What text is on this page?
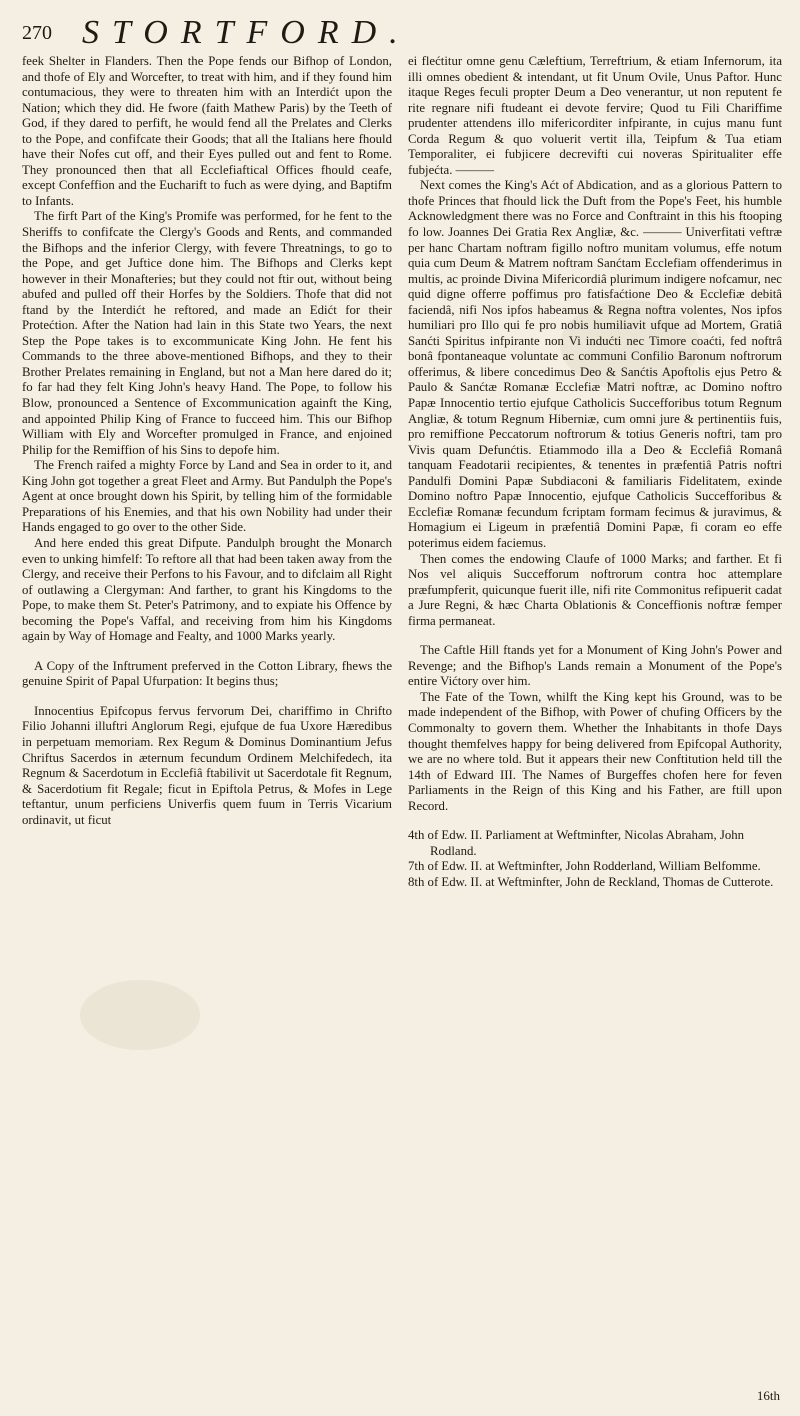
270 STORTFORD.

feek Shelter in Flanders. Then the Pope fends our Bifhop of London, and thofe of Ely and Worcefter, to treat with him, and if they found him contumacious, they were to threaten him with an Interdićt upon the Nation; which they did. He fwore (faith Mathew Paris) by the Teeth of God, if they dared to perfift, he would fend all the Prelates and Clerks to the Pope, and confifcate their Goods; that all the Italians here fhould have their Nofes cut off, and their Eyes pulled out and fent to Rome. They pronounced then that all Ecclefiaftical Offices fhould ceafe, except Confeffion and the Eucharift to fuch as were dying, and Baptifm to Infants.

The firft Part of the King's Promife was performed, for he fent to the Sheriffs to confifcate the Clergy's Goods and Rents, and commanded the Bifhops and the inferior Clergy, with fevere Threatnings, to go to the Pope, and get Juftice done him. The Bifhops and Clerks kept however in their Monafteries; but they could not ftir out, without being abufed and pulled off their Horfes by the Soldiers. Thofe that did not ftand by the Interdićt he reftored, and made an Edićt for their Protećtion. After the Nation had lain in this State two Years, the next Step the Pope takes is to excommunicate King John. He fent his Commands to the three above-mentioned Bifhops, and they to their Brother Prelates remaining in England, but not a Man here dared do it; fo far had they felt King John's heavy Hand. The Pope, to follow his Blow, pronounced a Sentence of Excommunication againft the King, and appointed Philip King of France to fucceed him. This our Bifhop William with Ely and Worcefter promulged in France, and enjoined Philip for the Remiffion of his Sins to depofe him.

The French raifed a mighty Force by Land and Sea in order to it, and King John got together a great Fleet and Army. But Pandulph the Pope's Agent at once brought down his Spirit, by telling him of the formidable Preparations of his Enemies, and that his own Nobility had under their Hands engaged to go over to the other Side.

And here ended this great Difpute. Pandulph brought the Monarch even to unking himfelf: To reftore all that had been taken away from the Clergy, and receive their Perfons to his Favour, and to difclaim all Right of outlawing a Clergyman: And farther, to grant his Kingdoms to the Pope, to make them St. Peter's Patrimony, and to expiate his Offence by becoming the Pope's Vaffal, and receiving from him his Kingdoms again by Way of Homage and Fealty, and 1000 Marks yearly.

A Copy of the Inftrument preferved in the Cotton Library, fhews the genuine Spirit of Papal Ufurpation: It begins thus;

Innocentius Epifcopus fervus fervorum Dei, chariffimo in Chrifto Filio Johanni illuftri Anglorum Regi, ejufque de fua Uxore Hæredibus in perpetuam memoriam. Rex Regum & Dominus Dominantium Jefus Chriftus Sacerdos in æternum fecundum Ordinem Melchifedech, ita Regnum & Sacerdotum in Ecclefiâ ftabilivit ut Sacerdotale fit Regnum, & Sacerdotium fit Regale; ficut in Epiftola Petrus, & Mofes in Lege teftantur, unum perficiens Univerfis quem fuum in Terris Vicarium ordinavit, ut ficut

ei flećtitur omne genu Cæleftium, Terreftrium, & etiam Infernorum, ita illi omnes obedient & intendant, ut fit Unum Ovile, Unus Paftor. Hunc itaque Reges feculi propter Deum a Deo venerantur, ut non reputent fe rite regnare nifi ftudeant ei devote fervire; Quod tu Fili Chariffime prudenter attendens illo mifericorditer infpirante, in cujus manu funt Corda Regum & quo voluerit vertit illa, Teipfum & Tua etiam Temporaliter, ei fubjicere decrevifti cui noveras Spiritualiter effe fubjećta. ———

Next comes the King's Aćt of Abdication, and as a glorious Pattern to thofe Princes that fhould lick the Duft from the Pope's Feet, his humble Acknowledgment there was no Force and Conftraint in this his ftooping fo low. Joannes Dei Gratia Rex Angliæ, &c. ——— Univerfitati veftræ per hanc Chartam noftram figillo noftro munitam volumus, effe notum quia cum Deum & Matrem noftram Sanćtam Ecclefiam offenderimus in multis, ac proinde Divina Mifericordiâ plurimum indigere nofcamur, nec quid digne offerre poffimus pro fatisfaćtione Deo & Ecclefiæ debitâ faciendâ, nifi Nos ipfos habeamus & Regna noftra volentes, Nos ipfos humiliari pro Illo qui fe pro nobis humiliavit ufque ad Mortem, Gratiâ Sanćti Spiritus infpirante non Vi indućti nec Timore coaćti, fed noftrâ bonâ fpontaneaque voluntate ac communi Confilio Baronum noftrorum offerimus, & libere concedimus Deo & Sanćtis Apoftolis ejus Petro & Paulo & Sanćtæ Romanæ Ecclefiæ Matri noftræ, ac Domino noftro Papæ Innocentio tertio ejufque Catholicis Succefforibus totum Regnum Angliæ, & totum Regnum Hiberniæ, cum omni jure & pertinentiis fuis, pro remiffione Peccatorum noftrorum & totius Generis noftri, tam pro Vivis quam Defunćtis. Etiammodo illa a Deo & Ecclefiâ Romanâ tanquam Feadotarii recipientes, & tenentes in præfentiâ Patris noftri Pandulfi Domini Papæ Subdiaconi & familiaris Fidelitatem, exinde Domino noftro Papæ Innocentio, ejufque Catholicis Succefforibus & Ecclefiæ Romanæ fecundum fcriptam formam fecimus & juravimus, & Homagium ei Ligeum in præfentiâ Domini Papæ, fi coram eo effe poterimus eidem faciemus.

Then comes the endowing Claufe of 1000 Marks; and farther. Et fi Nos vel aliquis Succefforum noftrorum contra hoc attemplare præfumpferit, quicunque fuerit ille, nifi rite Commonitus refipuerit cadat a Jure Regni, & hæc Charta Oblationis & Conceffionis noftræ femper firma permaneat.

The Caftle Hill ftands yet for a Monument of King John's Power and Revenge; and the Bifhop's Lands remain a Monument of the Pope's entire Vićtory over him.

The Fate of the Town, whilft the King kept his Ground, was to be made independent of the Bifhop, with Power of chufing Officers by the Commonalty to govern them. Whether the Inhabitants in thofe Days thought themfelves happy for being delivered from Epifcopal Authority, we are no where told. But it appears their new Conftitution held till the 14th of Edward III. The Names of Burgeffes chofen here for feven Parliaments in the Reign of this King and his Father, are ftill upon Record.

4th of Edw. II. Parliament at Weftminfter, Nicolas Abraham, John Rodland.

7th of Edw. II. at Weftminfter, John Rodderland, William Belfomme.

8th of Edw. II. at Weftminfter, John de Reckland, Thomas de Cutterote.

16th
